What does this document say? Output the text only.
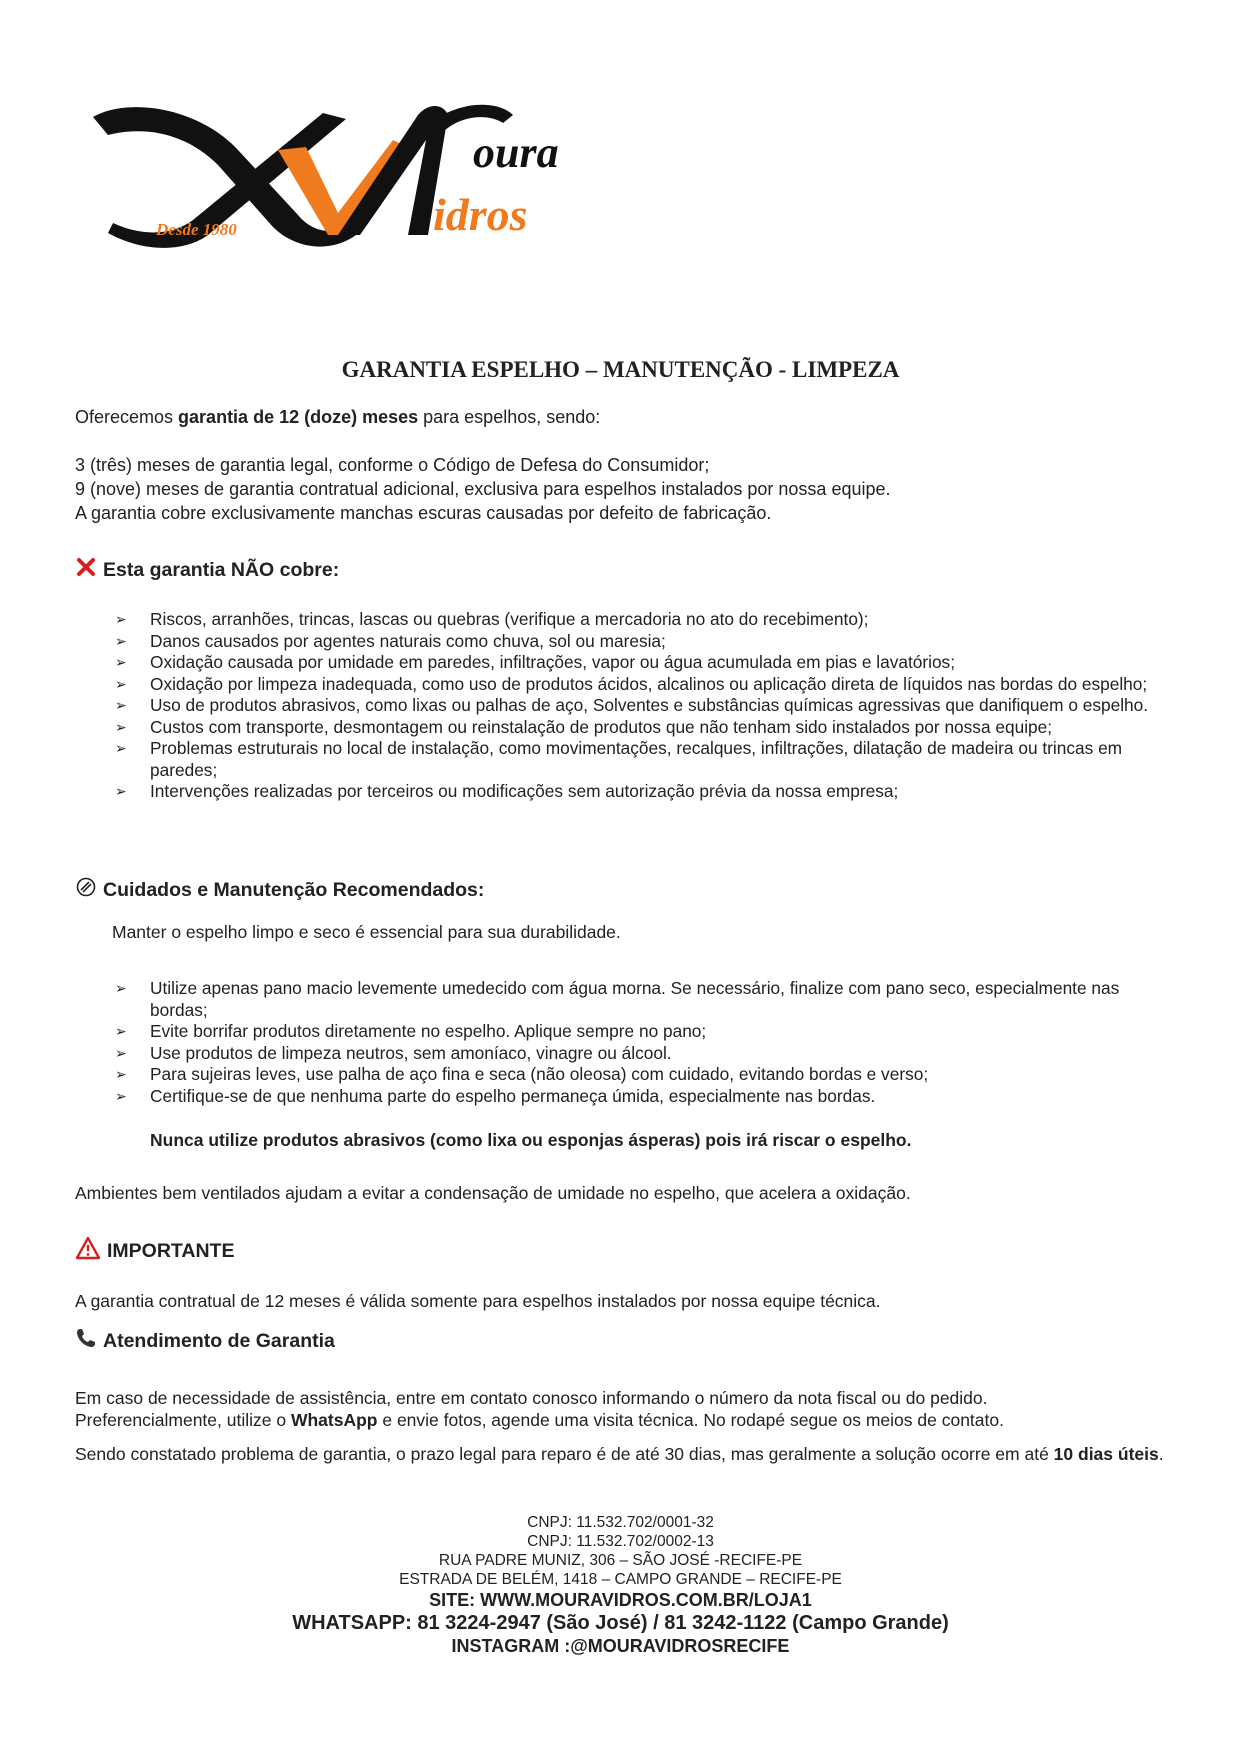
oura
idros
Desde 1980
GARANTIA ESPELHO – MANUTENÇÃO - LIMPEZA
Oferecemos garantia de 12 (doze) meses para espelhos, sendo:
3 (três) meses de garantia legal, conforme o Código de Defesa do Consumidor;
9 (nove) meses de garantia contratual adicional, exclusiva para espelhos instalados por nossa equipe.
A garantia cobre exclusivamente manchas escuras causadas por defeito de fabricação.
Esta garantia NÃO cobre:
➢ Riscos, arranhões, trincas, lascas ou quebras (verifique a mercadoria no ato do recebimento);
➢ Danos causados por agentes naturais como chuva, sol ou maresia;
➢ Oxidação causada por umidade em paredes, infiltrações, vapor ou água acumulada em pias e lavatórios;
➢ Oxidação por limpeza inadequada, como uso de produtos ácidos, alcalinos ou aplicação direta de líquidos nas bordas do espelho;
➢ Uso de produtos abrasivos, como lixas ou palhas de aço, Solventes e substâncias químicas agressivas que danifiquem o espelho.
➢ Custos com transporte, desmontagem ou reinstalação de produtos que não tenham sido instalados por nossa equipe;
➢ Problemas estruturais no local de instalação, como movimentações, recalques, infiltrações, dilatação de madeira ou trincas em paredes;
➢ Intervenções realizadas por terceiros ou modificações sem autorização prévia da nossa empresa;
Cuidados e Manutenção Recomendados:
Manter o espelho limpo e seco é essencial para sua durabilidade.
➢ Utilize apenas pano macio levemente umedecido com água morna. Se necessário, finalize com pano seco, especialmente nas bordas;
➢ Evite borrifar produtos diretamente no espelho. Aplique sempre no pano;
➢ Use produtos de limpeza neutros, sem amoníaco, vinagre ou álcool.
➢ Para sujeiras leves, use palha de aço fina e seca (não oleosa) com cuidado, evitando bordas e verso;
➢ Certifique-se de que nenhuma parte do espelho permaneça úmida, especialmente nas bordas.
Nunca utilize produtos abrasivos (como lixa ou esponjas ásperas) pois irá riscar o espelho.
Ambientes bem ventilados ajudam a evitar a condensação de umidade no espelho, que acelera a oxidação.
IMPORTANTE
A garantia contratual de 12 meses é válida somente para espelhos instalados por nossa equipe técnica.
Atendimento de Garantia
Em caso de necessidade de assistência, entre em contato conosco informando o número da nota fiscal ou do pedido.
Preferencialmente, utilize o WhatsApp e envie fotos, agende uma visita técnica. No rodapé segue os meios de contato.
Sendo constatado problema de garantia, o prazo legal para reparo é de até 30 dias, mas geralmente a solução ocorre em até 10 dias úteis.
CNPJ: 11.532.702/0001-32
CNPJ: 11.532.702/0002-13
RUA PADRE MUNIZ, 306 – SÃO JOSÉ -RECIFE-PE
ESTRADA DE BELÉM, 1418 – CAMPO GRANDE – RECIFE-PE
SITE: WWW.MOURAVIDROS.COM.BR/LOJA1
WHATSAPP: 81 3224-2947 (São José) / 81 3242-1122 (Campo Grande)
INSTAGRAM :@MOURAVIDROSRECIFE
